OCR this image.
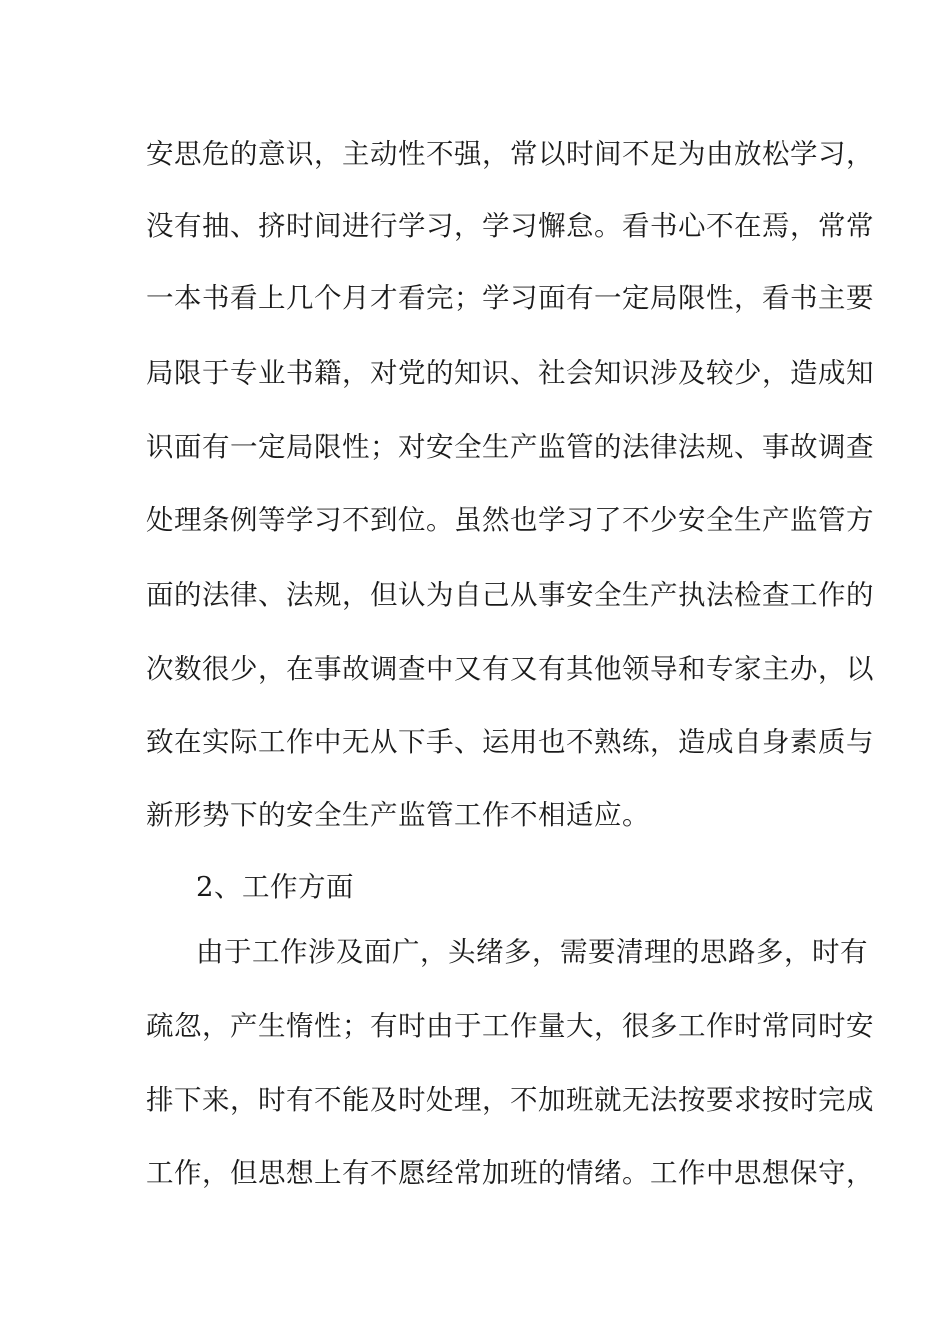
安思危的意识，主动性不强，常以时间不足为由放松学习，
没有抽、挤时间进行学习，学习懈怠。看书心不在焉，常常
一本书看上几个月才看完；学习面有一定局限性，看书主要
局限于专业书籍，对党的知识、社会知识涉及较少，造成知
识面有一定局限性；对安全生产监管的法律法规、事故调查
处理条例等学习不到位。虽然也学习了不少安全生产监管方
面的法律、法规，但认为自己从事安全生产执法检查工作的
次数很少，在事故调查中又有又有其他领导和专家主办，以
致在实际工作中无从下手、运用也不熟练，造成自身素质与
新形势下的安全生产监管工作不相适应。
2、工作方面
由于工作涉及面广，头绪多，需要清理的思路多，时有
疏忽，产生惰性；有时由于工作量大，很多工作时常同时安
排下来，时有不能及时处理，不加班就无法按要求按时完成
工作，但思想上有不愿经常加班的情绪。工作中思想保守，
